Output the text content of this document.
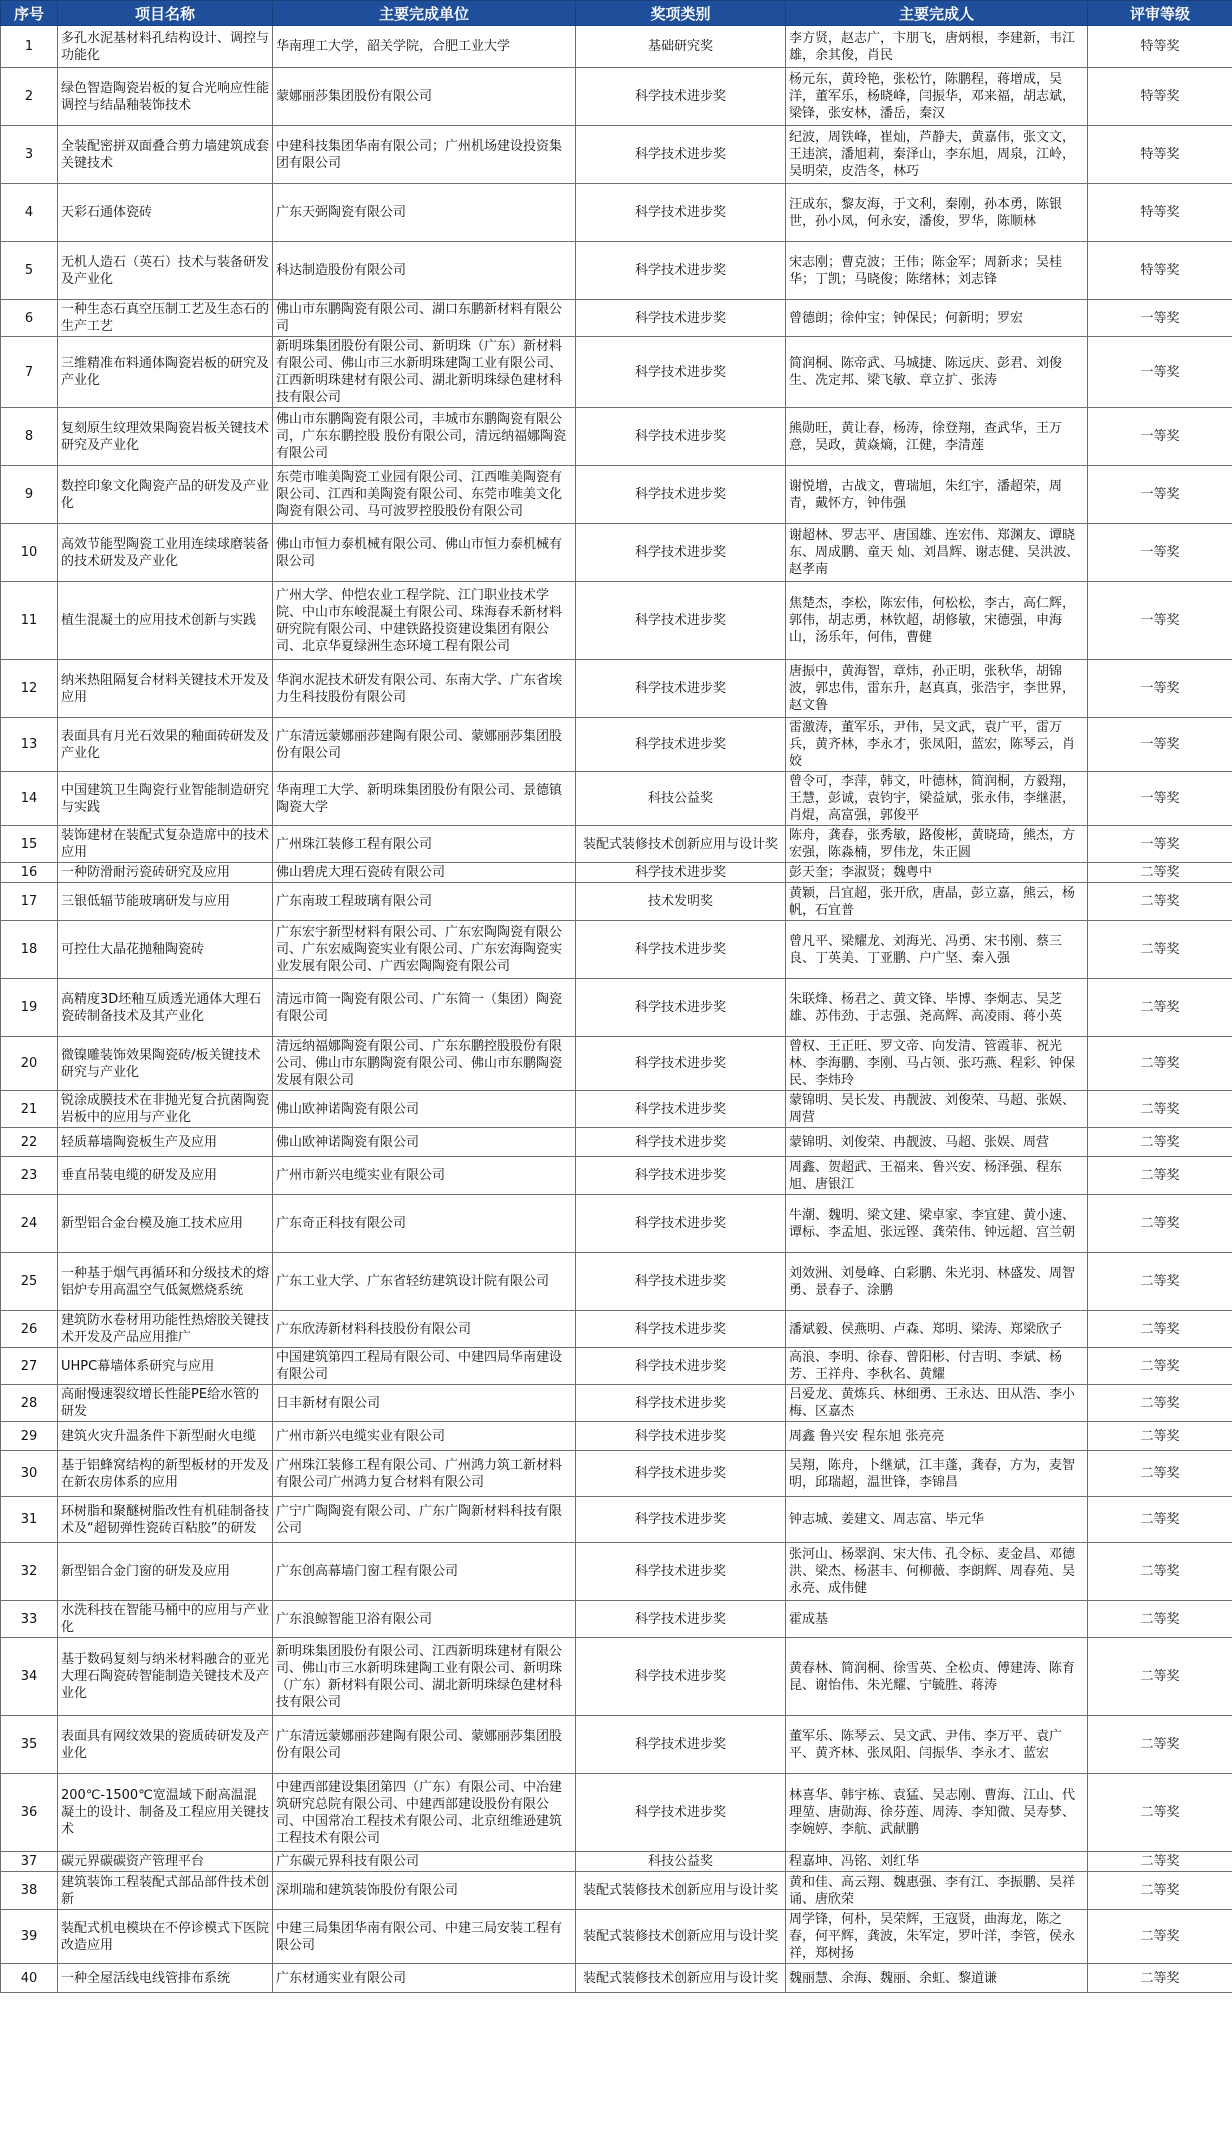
序号	项目名称	主要完成单位	奖项类别	主要完成人	评审等级
1	多孔水泥基材料孔结构设计、调控与功能化	华南理工大学，韶关学院，合肥工业大学	基础研究奖	李方贤，赵志广，卞朋飞，唐炳根，李建新，韦江雄，余其俊，肖民	特等奖
2	绿色智造陶瓷岩板的复合光响应性能调控与结晶釉装饰技术	蒙娜丽莎集团股份有限公司	科学技术进步奖	杨元东，黄玲艳，张松竹，陈鹏程，蒋增成，吴洋，董军乐，杨晓峰，闫振华，邓来福，胡志斌，梁锋，张安林，潘岳，秦汉	特等奖
3	全装配密拼双面叠合剪力墙建筑成套关键技术	中建科技集团华南有限公司；广州机场建设投资集团有限公司	科学技术进步奖	纪波，周铁峰，崔灿，芦静夫，黄嘉伟，张文文，王违滨，潘旭莉，秦泽山，李东旭，周泉，江岭，吴明荣，皮浩冬，林巧	特等奖
4	天彩石通体瓷砖	广东天弼陶瓷有限公司	科学技术进步奖	汪成东，黎友海，于文利，秦刚，孙本勇，陈银世，孙小凤，何永安，潘俊，罗华，陈顺林	特等奖
5	无机人造石（英石）技术与装备研发及产业化	科达制造股份有限公司	科学技术进步奖	宋志刚；曹克波；王伟；陈金军；周新求；吴桂华；丁凯；马晓俊；陈绪林；刘志锋	特等奖
6	一种生态石真空压制工艺及生态石的生产工艺	佛山市东鹏陶瓷有限公司、湖口东鹏新材料有限公司	科学技术进步奖	曾德朗；徐仲宝；钟保民；何新明；罗宏	一等奖
7	三维精准布料通体陶瓷岩板的研究及产业化	新明珠集团股份有限公司、新明珠（广东）新材料有限公司、佛山市三水新明珠建陶工业有限公司、江西新明珠建材有限公司、湖北新明珠绿色建材科技有限公司	科学技术进步奖	简润桐、陈帝武、马城捷、陈远庆、彭君、刘俊生、冼定邦、梁飞敏、章立扩、张涛	一等奖
8	复刻原生纹理效果陶瓷岩板关键技术研究及产业化	佛山市东鹏陶瓷有限公司，丰城市东鹏陶瓷有限公司，广东东鹏控股 股份有限公司，清远纳福娜陶瓷有限公司	科学技术进步奖	熊勋旺，黄让春，杨涛，徐登翔，查武华，王万意，吴政，黄焱熵，江健，李清莲	一等奖
9	数控印象文化陶瓷产品的研发及产业化	东莞市唯美陶瓷工业园有限公司、江西唯美陶瓷有限公司、江西和美陶瓷有限公司、东莞市唯美文化陶瓷有限公司、马可波罗控股股份有限公司	科学技术进步奖	谢悦增，古战文，曹瑞旭，朱红宇，潘超荣，周青，戴怀方，钟伟强	一等奖
10	高效节能型陶瓷工业用连续球磨装备的技术研发及产业化	佛山市恒力泰机械有限公司、佛山市恒力泰机械有限公司	科学技术进步奖	谢超林、罗志平、唐国雄、连宏伟、郑渊友、谭晓东、周成鹏、童天 灿、刘昌辉、谢志健、吴洪波、赵孝南	一等奖
11	植生混凝土的应用技术创新与实践	广州大学、仲恺农业工程学院、江门职业技术学院、中山市东峻混凝土有限公司、珠海春禾新材料研究院有限公司、中建铁路投资建设集团有限公司、北京华夏绿洲生态环境工程有限公司	科学技术进步奖	焦楚杰，李松，陈宏伟，何松松，李古，高仁辉，郭伟，胡志勇，林钦超，胡修敏，宋德强，申海山，汤乐年，何伟，曹健	一等奖
12	纳米热阻隔复合材料关键技术开发及应用	华润水泥技术研发有限公司、东南大学、广东省埃力生科技股份有限公司	科学技术进步奖	唐振中，黄海智，章炜，孙正明，张秋华，胡锦波，郭忠伟，雷东升，赵真真，张浩宇，李世界，赵文鲁	一等奖
13	表面具有月光石效果的釉面砖研发及产业化	广东清远蒙娜丽莎建陶有限公司、蒙娜丽莎集团股份有限公司	科学技术进步奖	雷激涛，董军乐，尹伟，吴文武，袁广平，雷万兵，黄齐林，李永才，张凤阳，蓝宏，陈琴云，肖姣	一等奖
14	中国建筑卫生陶瓷行业智能制造研究与实践	华南理工大学、新明珠集团股份有限公司、景德镇陶瓷大学	科技公益奖	曾令可，李萍，韩文，叶德林，简润桐，方毅翔，王慧，彭诚，袁钧宇，梁益斌，张永伟，李继湛，肖焜，高富强，郭俊平	一等奖
15	装饰建材在装配式复杂造席中的技术应用	广州珠江装修工程有限公司	装配式装修技术创新应用与设计奖	陈舟，龚春，张秀敏，路俊彬，黄晓琦，熊杰，方宏强，陈淼楠，罗伟龙，朱正圆	一等奖
16	一种防滑耐污瓷砖研究及应用	佛山碧虎大理石瓷砖有限公司	科学技术进步奖	彭天奎；李淑贤；魏粤中	二等奖
17	三银低辐节能玻璃研发与应用	广东南玻工程玻璃有限公司	技术发明奖	黄颖，吕宜超，张开欣，唐晶，彭立嘉，熊云，杨帆，石宜普	二等奖
18	可控仕大晶花抛釉陶瓷砖	广东宏宇新型材料有限公司、广东宏陶陶瓷有限公司、广东宏威陶瓷实业有限公司、广东宏海陶瓷实业发展有限公司、广西宏陶陶瓷有限公司	科学技术进步奖	曾凡平、梁耀龙、刘海光、冯勇、宋书刚、蔡三良、丁英美、丁亚鹏、户广坚、秦入强	二等奖
19	高精度3D坯釉互质透光通体大理石瓷砖制备技术及其产业化	清远市简一陶瓷有限公司、广东简一（集团）陶瓷有限公司	科学技术进步奖	朱联烽、杨君之、黄文锋、毕博、李炯志、吴芝雄、苏伟劲、于志强、尧高辉、高凌雨、蒋小英	二等奖
20	微镍雕装饰效果陶瓷砖/板关键技术研究与产业化	清远纳福娜陶瓷有限公司、广东东鹏控股股份有限公司、佛山市东鹏陶瓷有限公司、佛山市东鹏陶瓷发展有限公司	科学技术进步奖	曾权、王正旺、罗文帝、向发清、管霞菲、祝光林、李海鹏、李刚、马占领、张巧燕、程彩、钟保民、李炜玲	二等奖
21	锐涂成膜技术在非抛光复合抗菌陶瓷岩板中的应用与产业化	佛山欧神诺陶瓷有限公司	科学技术进步奖	蒙锦明、吴长发、冉靓波、刘俊荣、马超、张娱、周营	二等奖
22	轻质幕墙陶瓷板生产及应用	佛山欧神诺陶瓷有限公司	科学技术进步奖	蒙锦明、刘俊荣、冉靓波、马超、张娱、周营	二等奖
23	垂直吊装电缆的研发及应用	广州市新兴电缆实业有限公司	科学技术进步奖	周鑫、贺超武、王福来、鲁兴安、杨泽强、程东旭、唐银江	二等奖
24	新型铝合金台模及施工技术应用	广东奇正科技有限公司	科学技术进步奖	牛潮、魏明、梁文建、梁卓家、李宜建、黄小速、谭标、李孟旭、张远铿、龚荣伟、钟远超、宫兰朝	二等奖
25	一种基于烟气再循环和分级技术的熔铝炉专用高温空气低氮燃烧系统	广东工业大学、广东省轻纺建筑设计院有限公司	科学技术进步奖	刘效洲、刘曼峰、白彩鹏、朱光羽、林盛发、周智勇、景春子、涂鹏	二等奖
26	建筑防水卷材用功能性热熔胶关键技术开发及产品应用推广	广东欣涛新材料科技股份有限公司	科学技术进步奖	潘斌毅、侯燕明、卢森、郑明、梁涛、郑梁欣子	二等奖
27	UHPC幕墙体系研究与应用	中国建筑第四工程局有限公司、中建四局华南建设有限公司	科学技术进步奖	高浪、李明、徐春、曾阳彬、付吉明、李斌、杨芳、王祥舟、李秋名、黄耀	二等奖
28	高耐慢速裂纹增长性能PE给水管的研发	日丰新材有限公司	科学技术进步奖	吕爱龙、黄炼兵、林细勇、王永达、田从浩、李小梅、区嘉杰	二等奖
29	建筑火灾升温条件下新型耐火电缆	广州市新兴电缆实业有限公司	科学技术进步奖	周鑫 鲁兴安 程东旭 张亮亮	二等奖
30	基于铝蜂窝结构的新型板材的开发及在新农房体系的应用	广州珠江装修工程有限公司、广州鸿力筑工新材料有限公司广州鸿力复合材料有限公司	科学技术进步奖	吴翔，陈舟，卜继斌，江丰蓬，龚春，方为，麦智明，邱瑞超，温世锋，李锦昌	二等奖
31	环树脂和聚醚树脂改性有机硅制备技术及“超韧弹性瓷砖百粘胶”的研发	广宁广陶陶瓷有限公司、广东广陶新材料科技有限公司	科学技术进步奖	钟志城、姜建文、周志富、毕元华	二等奖
32	新型铝合金门窗的研发及应用	广东创高幕墙门窗工程有限公司	科学技术进步奖	张河山、杨翠润、宋大伟、孔令标、麦金昌、邓德洪、梁杰、杨湛丰、何柳薇、李朗辉、周春苑、吴永亮、成伟健	二等奖
33	水洗科技在智能马桶中的应用与产业化	广东浪鲸智能卫浴有限公司	科学技术进步奖	霍成基	二等奖
34	基于数码复刻与纳米材料融合的亚光大理石陶瓷砖智能制造关键技术及产业化	新明珠集团股份有限公司、江西新明珠建材有限公司、佛山市三水新明珠建陶工业有限公司、新明珠（广东）新材料有限公司、湖北新明珠绿色建材科技有限公司	科学技术进步奖	黄春林、简润桐、徐雪英、全松贞、傅建涛、陈育昆、谢怡伟、朱光耀、宁毓胜、蒋涛	二等奖
35	表面具有网纹效果的瓷质砖研发及产业化	广东清远蒙娜丽莎建陶有限公司、蒙娜丽莎集团股份有限公司	科学技术进步奖	董军乐、陈琴云、吴文武、尹伟、李万平、袁广平、黄齐林、张凤阳、闫振华、李永才、蓝宏	二等奖
36	200℃-1500℃宽温域下耐高温混凝土的设计、制备及工程应用关键技术	中建西部建设集团第四（广东）有限公司、中冶建筑研究总院有限公司、中建西部建设股份有限公司、中国常冶工程技术有限公司、北京纽维逊建筑工程技术有限公司	科学技术进步奖	林喜华、韩宇栋、袁猛、吴志刚、曹海、江山、代理堃、唐勋海、徐芬莲、周涛、李知微、吴寿梦、李婉婷、李航、武献鹏	二等奖
37	碳元界碳碳资产管理平台	广东碳元界科技有限公司	科技公益奖	程嘉坤、冯铭、刘红华	二等奖
38	建筑装饰工程装配式部品部件技术创新	深圳瑞和建筑装饰股份有限公司	装配式装修技术创新应用与设计奖	黄和佳、高云翔、魏惠强、李有江、李振鹏、吴祥诵、唐欣荣	二等奖
39	装配式机电模块在不停诊模式下医院改造应用	中建三局集团华南有限公司、中建三局安装工程有限公司	装配式装修技术创新应用与设计奖	周学锋，何朴，吴荣辉，王寇贤，曲海龙，陈之春，何平辉，龚波，朱军定，罗叶洋，李管，侯永祥，郑树扬	二等奖
40	一种全屋活线电线管排布系统	广东材通实业有限公司	装配式装修技术创新应用与设计奖	魏丽慧、余海、魏丽、余虹、黎道谦	二等奖
